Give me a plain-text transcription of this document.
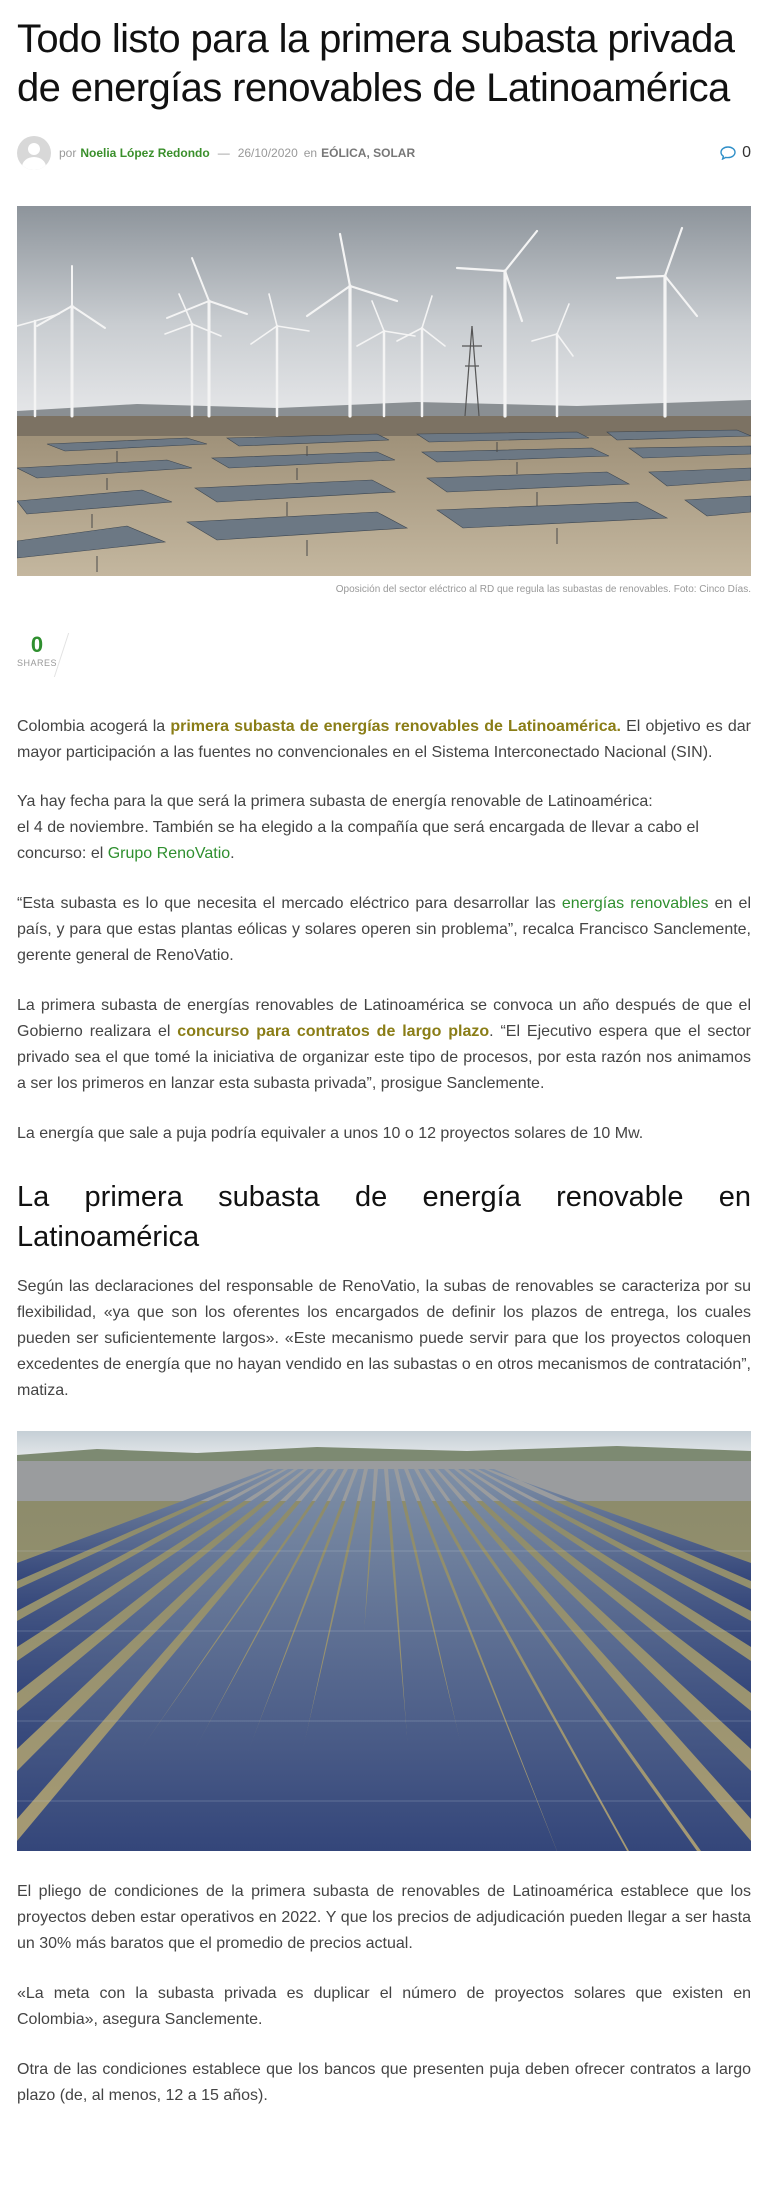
Todo listo para la primera subasta privada de energías renovables de Latinoamérica
por Noelia López Redondo — 26/10/2020 en EÓLICA, SOLAR	0
Oposición del sector eléctrico al RD que regula las subastas de renovables. Foto: Cinco Días.
0
SHARES

Colombia acogerá la primera subasta de energías renovables de Latinoamérica. El objetivo es dar mayor participación a las fuentes no convencionales en el Sistema Interconectado Nacional (SIN).

Ya hay fecha para la que será la primera subasta de energía renovable de Latinoamérica:
el 4 de noviembre. También se ha elegido a la compañía que será encargada de llevar a cabo el concurso: el Grupo RenoVatio.

“Esta subasta es lo que necesita el mercado eléctrico para desarrollar las energías renovables en el país, y para que estas plantas eólicas y solares operen sin problema”, recalca Francisco Sanclemente, gerente general de RenoVatio.

La primera subasta de energías renovables de Latinoamérica se convoca un año después de que el Gobierno realizara el concurso para contratos de largo plazo. “El Ejecutivo espera que el sector privado sea el que tomé la iniciativa de organizar este tipo de procesos, por esta razón nos animamos a ser los primeros en lanzar esta subasta privada”, prosigue Sanclemente.

La energía que sale a puja podría equivaler a unos 10 o 12 proyectos solares de 10 Mw.

La primera subasta de energía renovable en Latinoamérica

Según las declaraciones del responsable de RenoVatio, la subas de renovables se caracteriza por su flexibilidad, «ya que son los oferentes los encargados de definir los plazos de entrega, los cuales pueden ser suficientemente largos». «Este mecanismo puede servir para que los proyectos coloquen excedentes de energía que no hayan vendido en las subastas o en otros mecanismos de contratación”, matiza.

El pliego de condiciones de la primera subasta de renovables de Latinoamérica establece que los proyectos deben estar operativos en 2022. Y que los precios de adjudicación pueden llegar a ser hasta un 30% más baratos que el promedio de precios actual.

«La meta con la subasta privada es duplicar el número de proyectos solares que existen en Colombia», asegura Sanclemente.

Otra de las condiciones establece que los bancos que presenten puja deben ofrecer contratos a largo plazo (de, al menos, 12 a 15 años).
